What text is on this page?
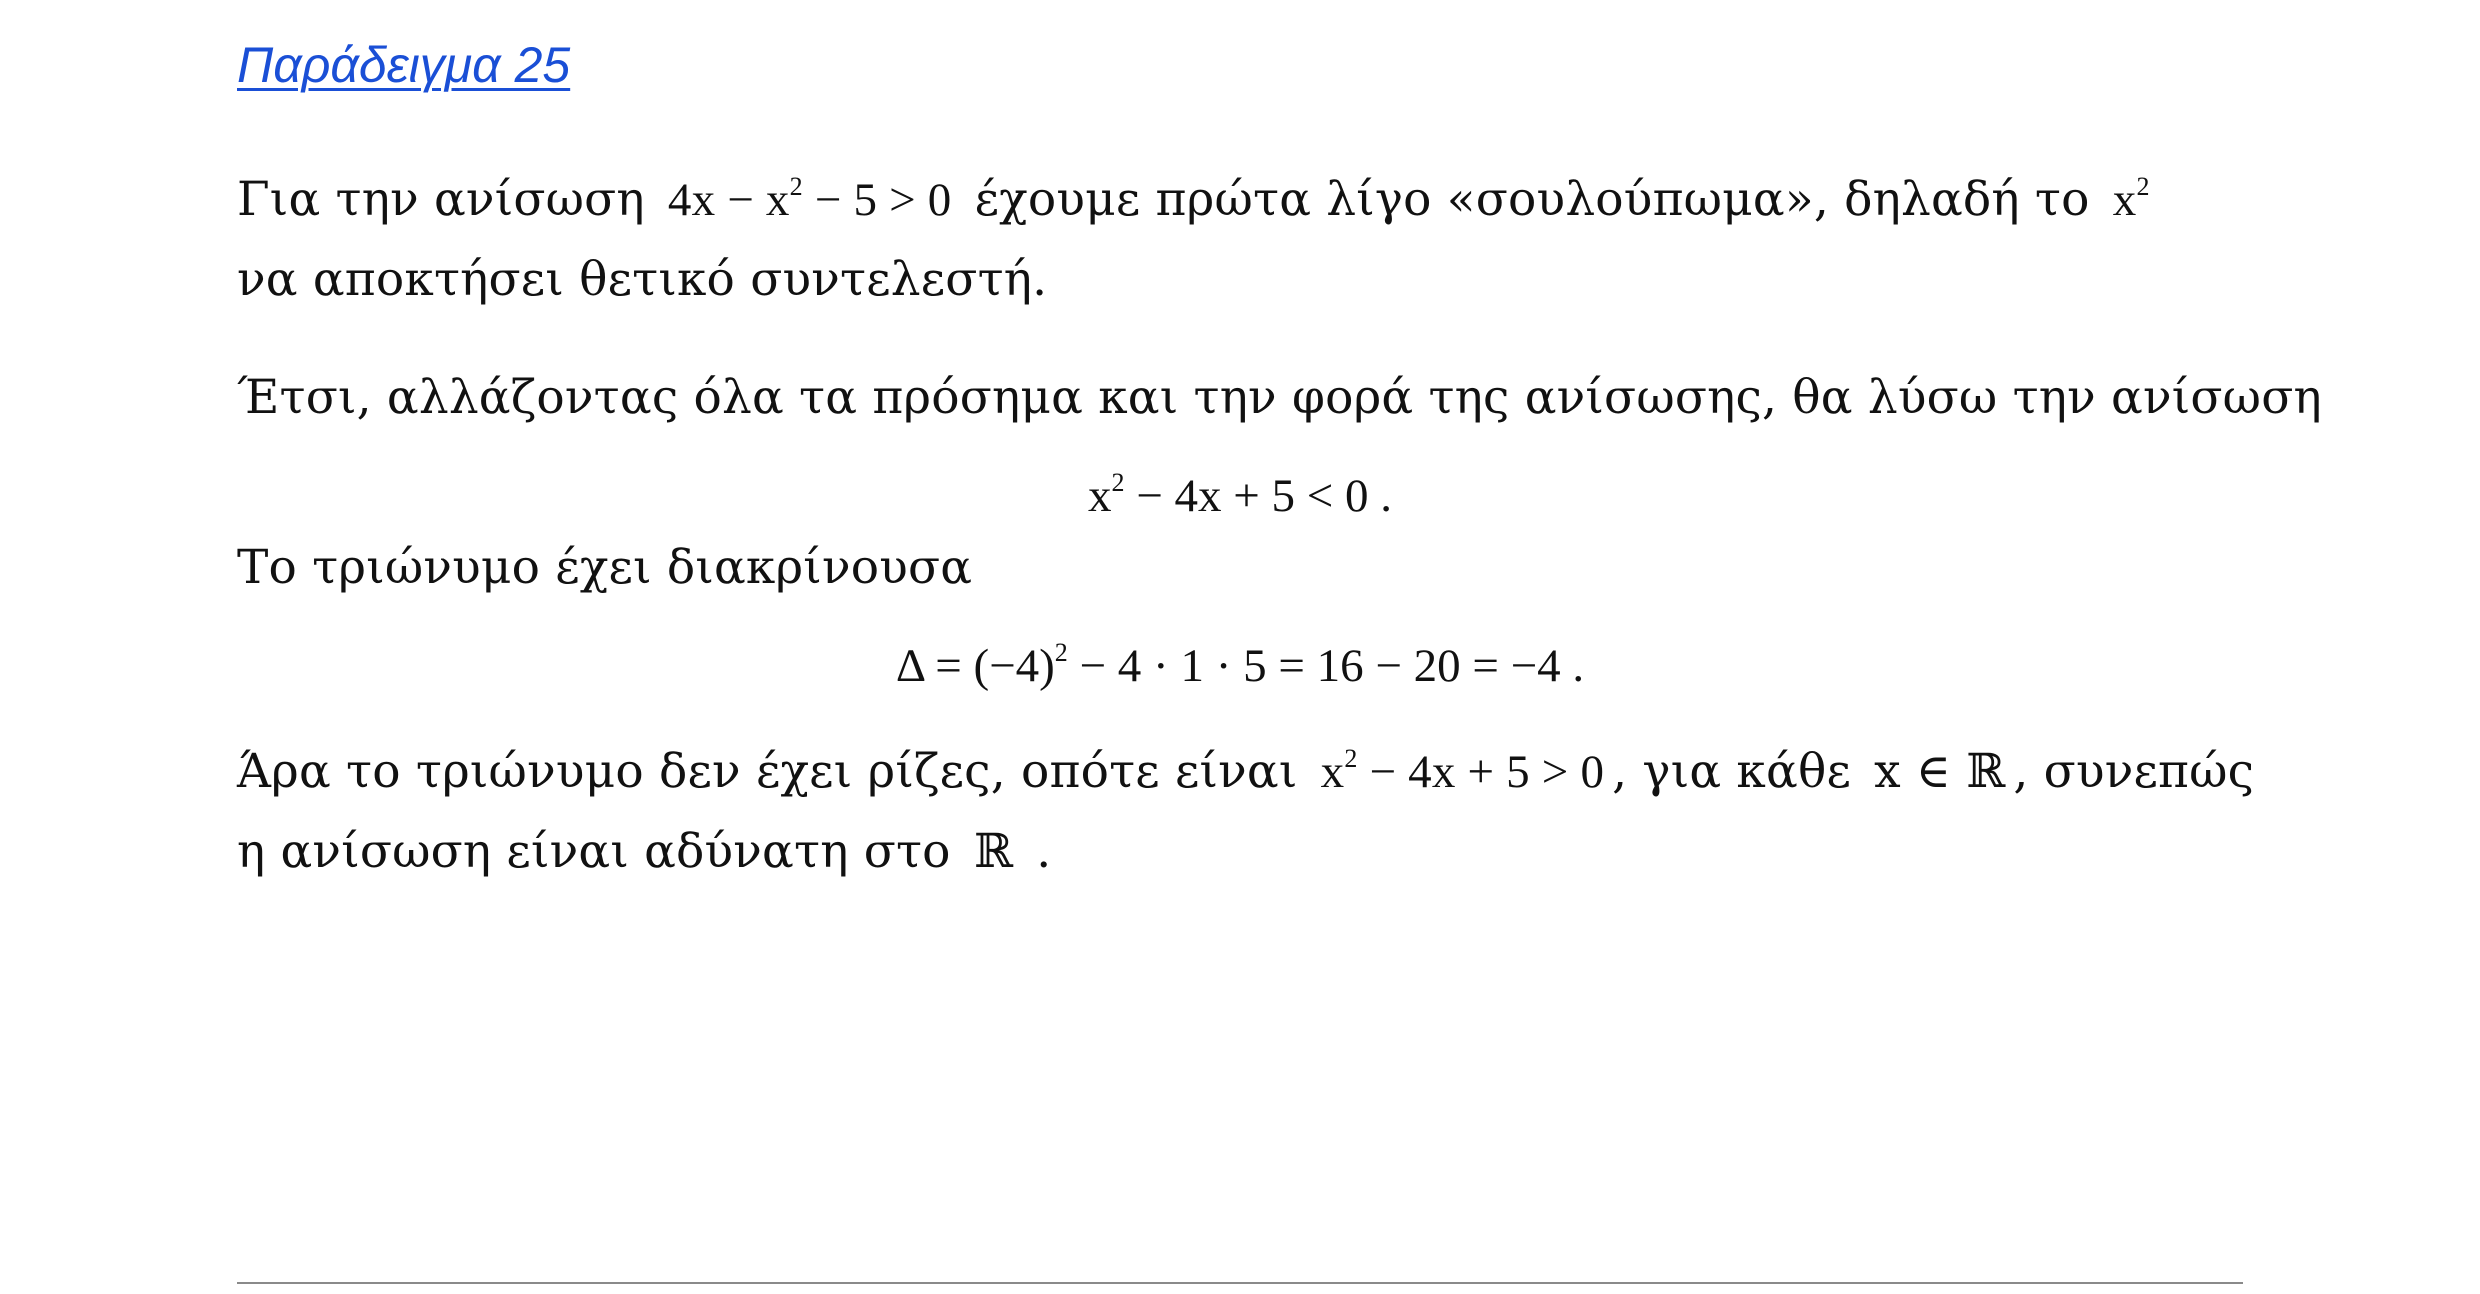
Παράδειγμα 25
Για την ανίσωση $4x - x^2 - 5 > 0$ έχουμε πρώτα λίγο «σουλούπωμα», δηλαδή το $x^2$
να αποκτήσει θετικό συντελεστή.
Έτσι, αλλάζοντας όλα τα πρόσημα και την φορά της ανίσωσης, θα λύσω την ανίσωση
$x^2 - 4x + 5 < 0$ .
Το τριώνυμο έχει διακρίνουσα
$\Delta = (-4)^2 - 4 \cdot 1 \cdot 5 = 16 - 20 = -4$ .
Άρα το τριώνυμο δεν έχει ρίζες, οπότε είναι $x^2 - 4x + 5 > 0$ , για κάθε x ∈ ℝ , συνεπώς
η ανίσωση είναι αδύνατη στο ℝ .
